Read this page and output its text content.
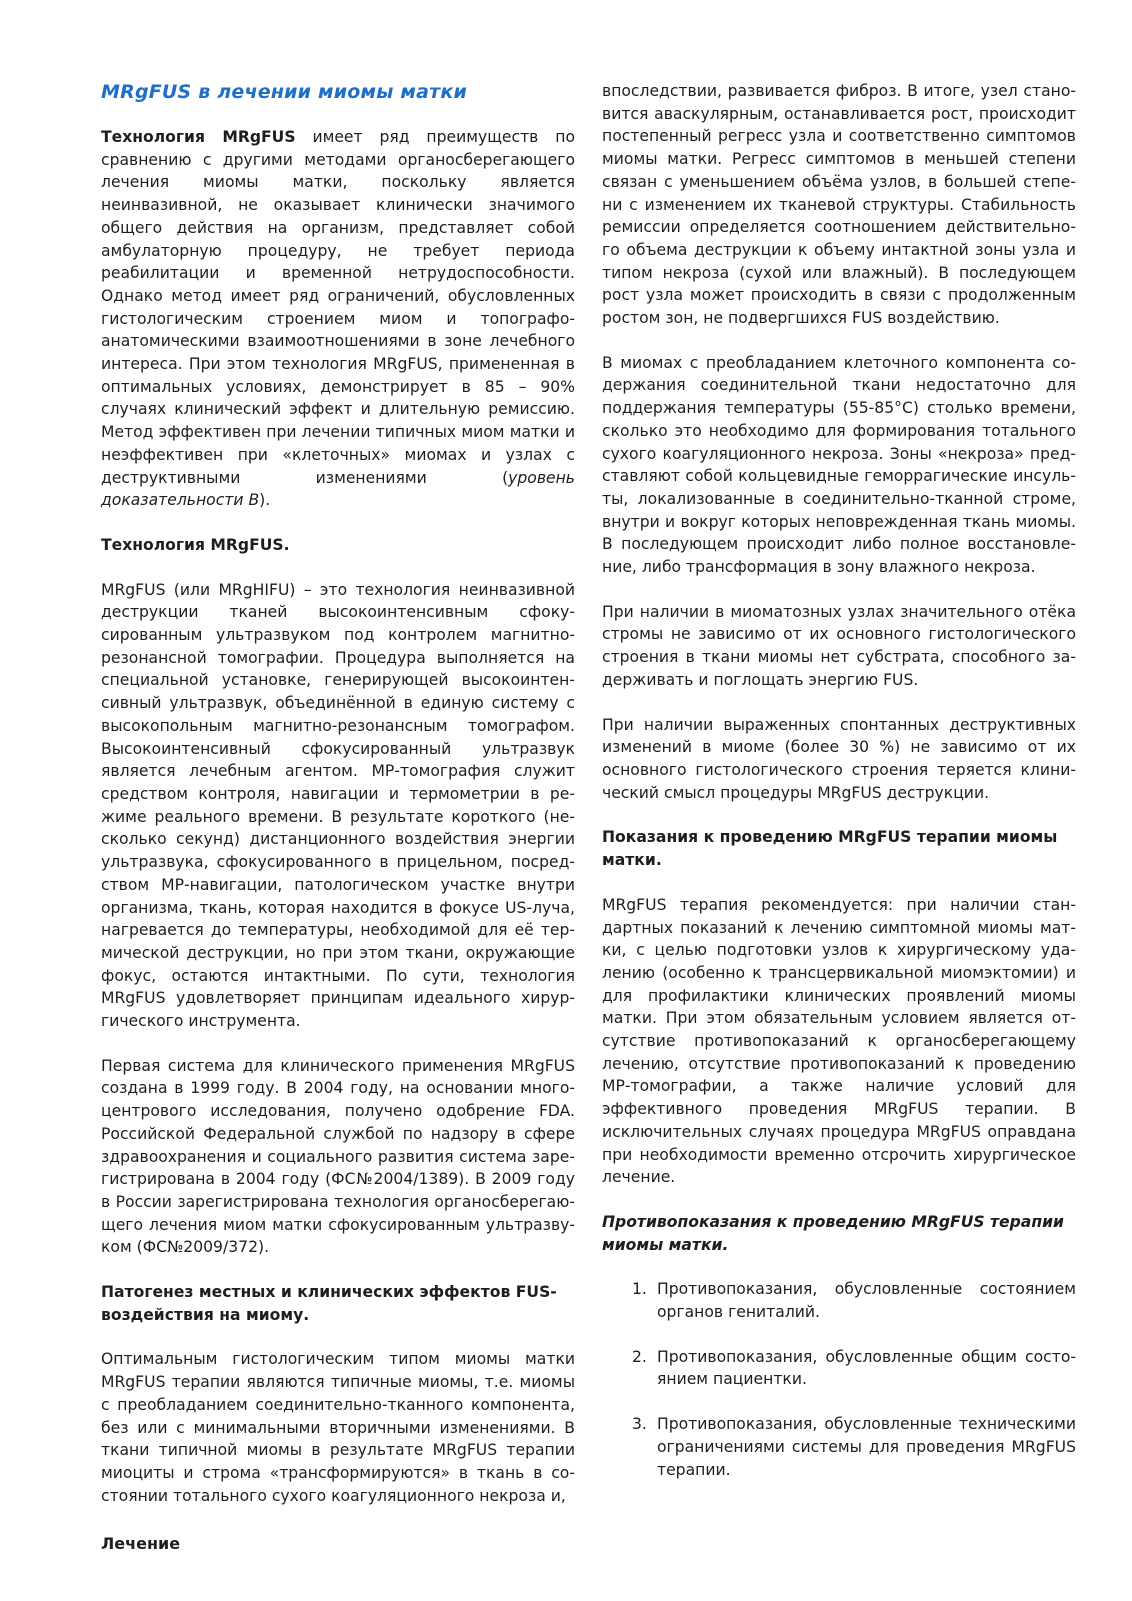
MRgFUS в лечении миомы матки

Технология MRgFUS имеет ряд преимуществ по сравнению с другими методами органосберегающего лечения миомы матки, поскольку является неинвазивной, не оказывает клинически значимого общего действия на организм, представляет собой амбулаторную процедуру, не требует периода реабилитации и временной нетрудоспособности. Однако метод имеет ряд ограничений, обусловленных гистологическим строением миом и топографо-анатомическими взаимоотношениями в зоне лечебного интереса. При этом технология MRgFUS, примененная в оптимальных условиях, демонстрирует в 85 – 90% случаях клинический эффект и длительную ремиссию. Метод эффективен при лечении типичных миом матки и неэффективен при «клеточных» миомах и узлах с деструктивными изменениями (уровень доказательности B).

Технология MRgFUS.

MRgFUS (или MRgHIFU) – это технология неинвазивной деструкции тканей высокоинтенсивным сфокусированным ультразвуком под контролем магнитно-резонансной томографии. Процедура выполняется на специальной установке, генерирующей высокоинтенсивный ультразвук, объединённой в единую систему с высокопольным магнитно-резонансным томографом. Высокоинтенсивный сфокусированный ультразвук является лечебным агентом. МР-томография служит средством контроля, навигации и термометрии в режиме реального времени. В результате короткого (несколько секунд) дистанционного воздействия энергии ультразвука, сфокусированного в прицельном, посредством МР-навигации, патологическом участке внутри организма, ткань, которая находится в фокусе US-луча, нагревается до температуры, необходимой для её термической деструкции, но при этом ткани, окружающие фокус, остаются интактными. По сути, технология MRgFUS удовлетворяет принципам идеального хирургического инструмента.

Первая система для клинического применения MRgFUS создана в 1999 году. В 2004 году, на основании многоцентрового исследования, получено одобрение FDA. Российской Федеральной службой по надзору в сфере здравоохранения и социального развития система зарегистрирована в 2004 году (ФС№2004/1389). В 2009 году в России зарегистрирована технология органосберегающего лечения миом матки сфокусированным ультразвуком (ФС№2009/372).

Патогенез местных и клинических эффектов FUS-воздействия на миому.

Оптимальным гистологическим типом миомы матки MRgFUS терапии являются типичные миомы, т.е. миомы с преобладанием соединительно-тканного компонента, без или с минимальными вторичными изменениями. В ткани типичной миомы в результате MRgFUS терапии миоциты и строма «трансформируются» в ткань в состоянии тотального сухого коагуляционного некроза и,

впоследствии, развивается фиброз. В итоге, узел становится аваскулярным, останавливается рост, происходит постепенный регресс узла и соответственно симптомов миомы матки. Регресс симптомов в меньшей степени связан с уменьшением объёма узлов, в большей степени с изменением их тканевой структуры. Стабильность ремиссии определяется соотношением действительного объема деструкции к объему интактной зоны узла и типом некроза (сухой или влажный). В последующем рост узла может происходить в связи с продолженным ростом зон, не подвергшихся FUS воздействию.

В миомах с преобладанием клеточного компонента содержания соединительной ткани недостаточно для поддержания температуры (55-85°С) столько времени, сколько это необходимо для формирования тотального сухого коагуляционного некроза. Зоны «некроза» представляют собой кольцевидные геморрагические инсульты, локализованные в соединительно-тканной строме, внутри и вокруг которых неповрежденная ткань миомы. В последующем происходит либо полное восстановление, либо трансформация в зону влажного некроза.

При наличии в миоматозных узлах значительного отёка стромы не зависимо от их основного гистологического строения в ткани миомы нет субстрата, способного задерживать и поглощать энергию FUS.

При наличии выраженных спонтанных деструктивных изменений в миоме (более 30 %) не зависимо от их основного гистологического строения теряется клинический смысл процедуры MRgFUS деструкции.

Показания к проведению MRgFUS терапии миомы матки.

MRgFUS терапия рекомендуется: при наличии стандартных показаний к лечению симптомной миомы матки, с целью подготовки узлов к хирургическому удалению (особенно к трансцервикальной миомэктомии) и для профилактики клинических проявлений миомы матки. При этом обязательным условием является отсутствие противопоказаний к органосберегающему лечению, отсутствие противопоказаний к проведению МР-томографии, а также наличие условий для эффективного проведения MRgFUS терапии. В исключительных случаях процедура MRgFUS оправдана при необходимости временно отсрочить хирургическое лечение.

Противопоказания к проведению MRgFUS терапии миомы матки.
1. Противопоказания, обусловленные состоянием органов гениталий.
2. Противопоказания, обусловленные общим состоянием пациентки.
3. Противопоказания, обусловленные техническими ограничениями системы для проведения MRgFUS терапии.
Лечение
